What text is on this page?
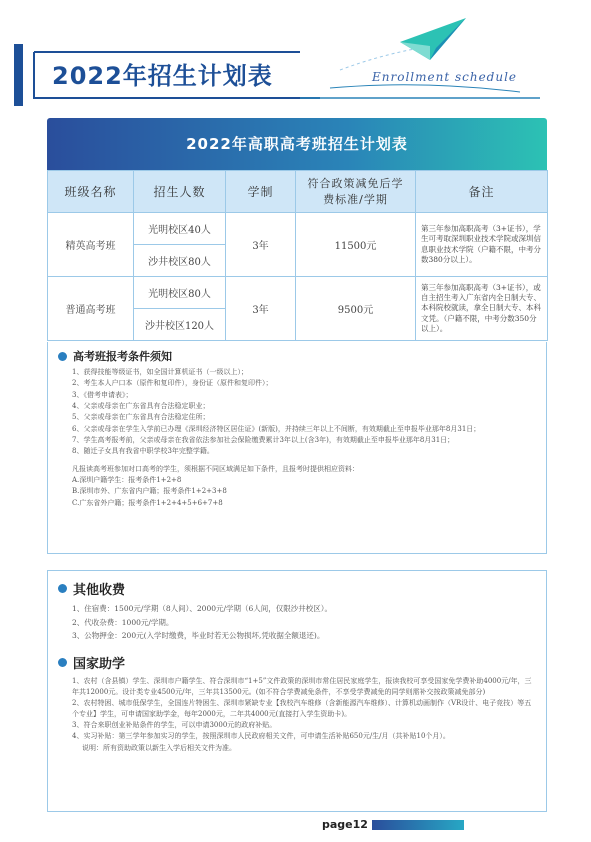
2022年招生计划表	Enrollment schedule
2022年高职高考班招生计划表
班级名称	招生人数	学制	符合政策减免后学费标准/学期	备注
精英高考班	光明校区40人	3年	11500元	第三年参加高职高考（3+证书），学生可考取深圳职业技术学院或深圳信息职业技术学院（户籍不限，中考分数380分以上）。
	沙井校区80人			
普通高考班	光明校区80人	3年	9500元	第三年参加高职高考（3+证书），或自主招生考入广东省内全日制大专、本科院校就读，拿全日制大专、本科文凭。（户籍不限，中考分数350分以上）。
	沙井校区120人			
高考班报考条件须知
1、获得技能等级证书，如全国计算机证书（一级以上）；
2、考生本人户口本（原件和复印件），身份证（原件和复印件）；
3、《借考申请表》；
4、父亲或母亲在广东省具有合法稳定职业；
5、父亲或母亲在广东省具有合法稳定住所；
6、父亲或母亲在学生入学前已办理《深圳经济特区居住证》(新版)，并持续三年以上不间断，有效期截止至申报毕业那年8月31日；
7、学生高考报考前，父亲或母亲在我省依法参加社会保险缴费累计3年以上(含3年)，有效期截止至申报毕业那年8月31日；
8、随迁子女具有我省中职学校3年完整学籍。
凡报读高考班参加对口高考的学生，须根据不同区域满足如下条件，且报考时提供相应资料：
A.深圳户籍学生：报考条件1+2+8
B.深圳市外、广东省内户籍；报考条件1+2+3+8
C.广东省外户籍；报考条件1+2+4+5+6+7+8
其他收费
1、住宿费：1500元/学期（8人间）、2000元/学期（6人间，仅限沙井校区）。
2、代收杂费：1000元/学期。
3、公物押金：200元(入学时缴费，毕业时若无公物损坏,凭收据全额退还)。
国家助学
1、农村（含县镇）学生、深圳市户籍学生、符合深圳市“1+5”文件政策的深圳市常住居民家庭学生，报读我校可享受国家免学费补助4000元/年，三年共12000元。设计类专业4500元/年，三年共13500元。(如不符合学费减免条件，不享受学费减免的同学则需补交按政策减免部分)
2、农村特困、城市低保学生，全国连片特困生、深圳市紧缺专业【我校汽车维修（含新能源汽车维修）、计算机动画制作（VR设计、电子竞技）等五个专业】学生，可申请国家助学金，每年2000元，二年共4000元(直接打入学生资助卡)。
3、符合来职创业补贴条件的学生，可以申请3000元的政府补贴。
4、实习补贴：第三学年参加实习的学生，按照深圳市人民政府相关文件，可申请生活补贴650元/生/月（共补贴10个月）。
说明：所有资助政策以新生入学后相关文件为准。
page12
